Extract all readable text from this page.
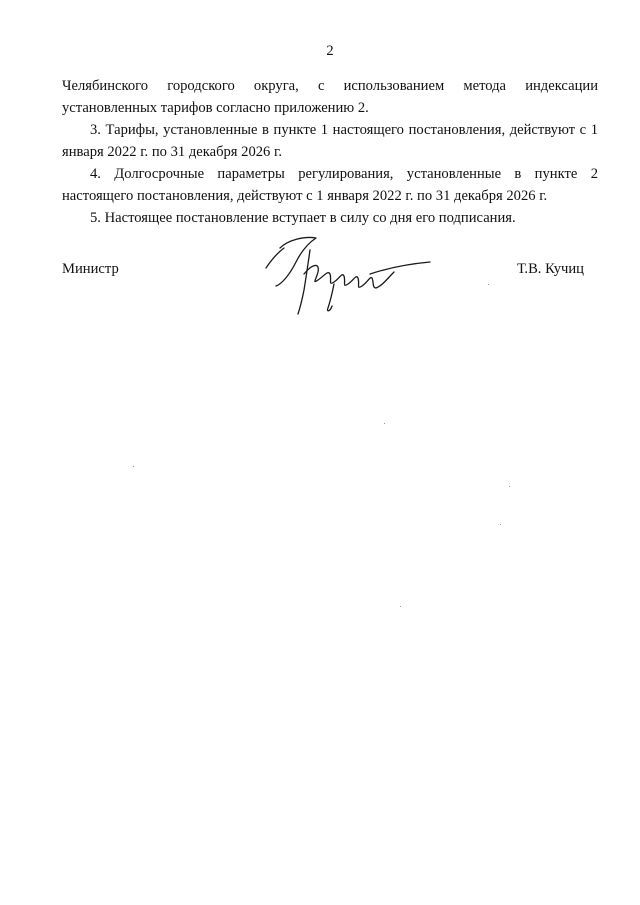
2

Челябинского городского округа, с использованием метода индексации установленных тарифов согласно приложению 2.

3. Тарифы, установленные в пункте 1 настоящего постановления, действуют с 1 января 2022 г. по 31 декабря 2026 г.

4. Долгосрочные параметры регулирования, установленные в пункте 2 настоящего постановления, действуют с 1 января 2022 г. по 31 декабря 2026 г.

5. Настоящее постановление вступает в силу со дня его подписания.

Министр	Т.В. Кучиц
